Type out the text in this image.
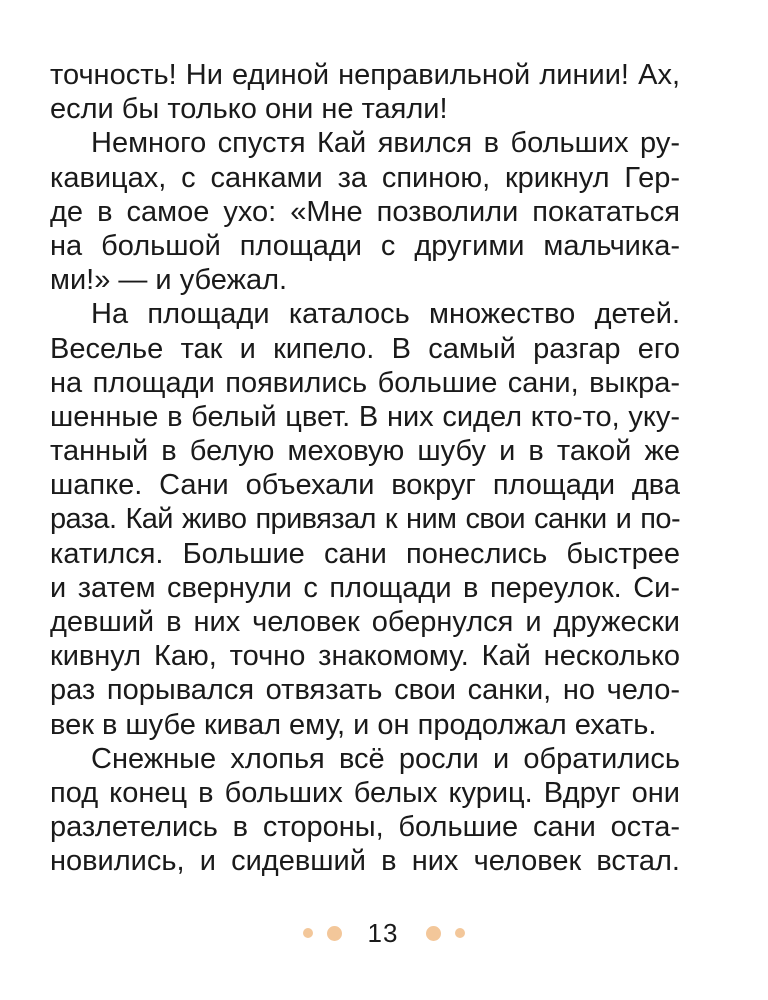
точность! Ни единой неправильной линии! Ах,
если бы только они не таяли!
Немного спустя Кай явился в больших ру-
кавицах, с санками за спиною, крикнул Гер-
де в самое ухо: «Мне позволили покататься
на большой площади с другими мальчика-
ми!» — и убежал.
На площади каталось множество детей.
Веселье так и кипело. В самый разгар его
на площади появились большие сани, выкра-
шенные в белый цвет. В них сидел кто-то, уку-
танный в белую меховую шубу и в такой же
шапке. Сани объехали вокруг площади два
раза. Кай живо привязал к ним свои санки и по-
катился. Большие сани понеслись быстрее
и затем свернули с площади в переулок. Си-
девший в них человек обернулся и дружески
кивнул Каю, точно знакомому. Кай несколько
раз порывался отвязать свои санки, но чело-
век в шубе кивал ему, и он продолжал ехать.
Снежные хлопья всё росли и обратились
под конец в больших белых куриц. Вдруг они
разлетелись в стороны, большие сани оста-
новились, и сидевший в них человек встал.
13
